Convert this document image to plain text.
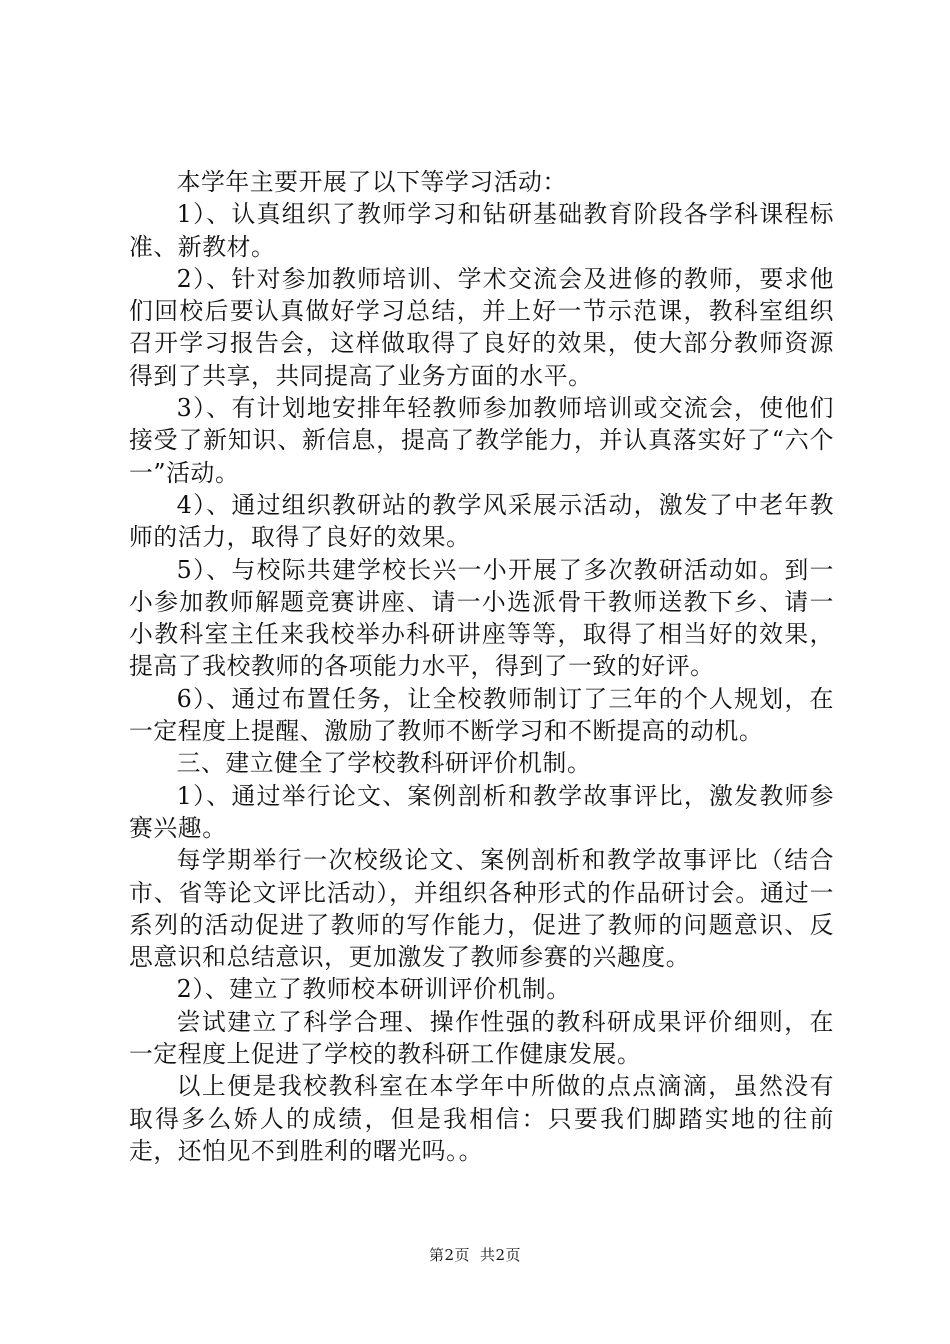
本学年主要开展了以下等学习活动：

1）、认真组织了教师学习和钻研基础教育阶段各学科课程标准、新教材。

2）、针对参加教师培训、学术交流会及进修的教师，要求他们回校后要认真做好学习总结，并上好一节示范课，教科室组织召开学习报告会，这样做取得了良好的效果，使大部分教师资源得到了共享，共同提高了业务方面的水平。

3）、有计划地安排年轻教师参加教师培训或交流会，使他们接受了新知识、新信息，提高了教学能力，并认真落实好了“六个一”活动。

4）、通过组织教研站的教学风采展示活动，激发了中老年教师的活力，取得了良好的效果。

5）、与校际共建学校长兴一小开展了多次教研活动如。到一小参加教师解题竞赛讲座、请一小选派骨干教师送教下乡、请一小教科室主任来我校举办科研讲座等等，取得了相当好的效果，提高了我校教师的各项能力水平，得到了一致的好评。

6）、通过布置任务，让全校教师制订了三年的个人规划，在一定程度上提醒、激励了教师不断学习和不断提高的动机。

三、建立健全了学校教科研评价机制。

1）、通过举行论文、案例剖析和教学故事评比，激发教师参赛兴趣。

每学期举行一次校级论文、案例剖析和教学故事评比（结合市、省等论文评比活动），并组织各种形式的作品研讨会。通过一系列的活动促进了教师的写作能力，促进了教师的问题意识、反思意识和总结意识，更加激发了教师参赛的兴趣度。

2）、建立了教师校本研训评价机制。

尝试建立了科学合理、操作性强的教科研成果评价细则，在一定程度上促进了学校的教科研工作健康发展。

以上便是我校教科室在本学年中所做的点点滴滴，虽然没有取得多么娇人的成绩，但是我相信：只要我们脚踏实地的往前走，还怕见不到胜利的曙光吗。。

第2页 共2页
